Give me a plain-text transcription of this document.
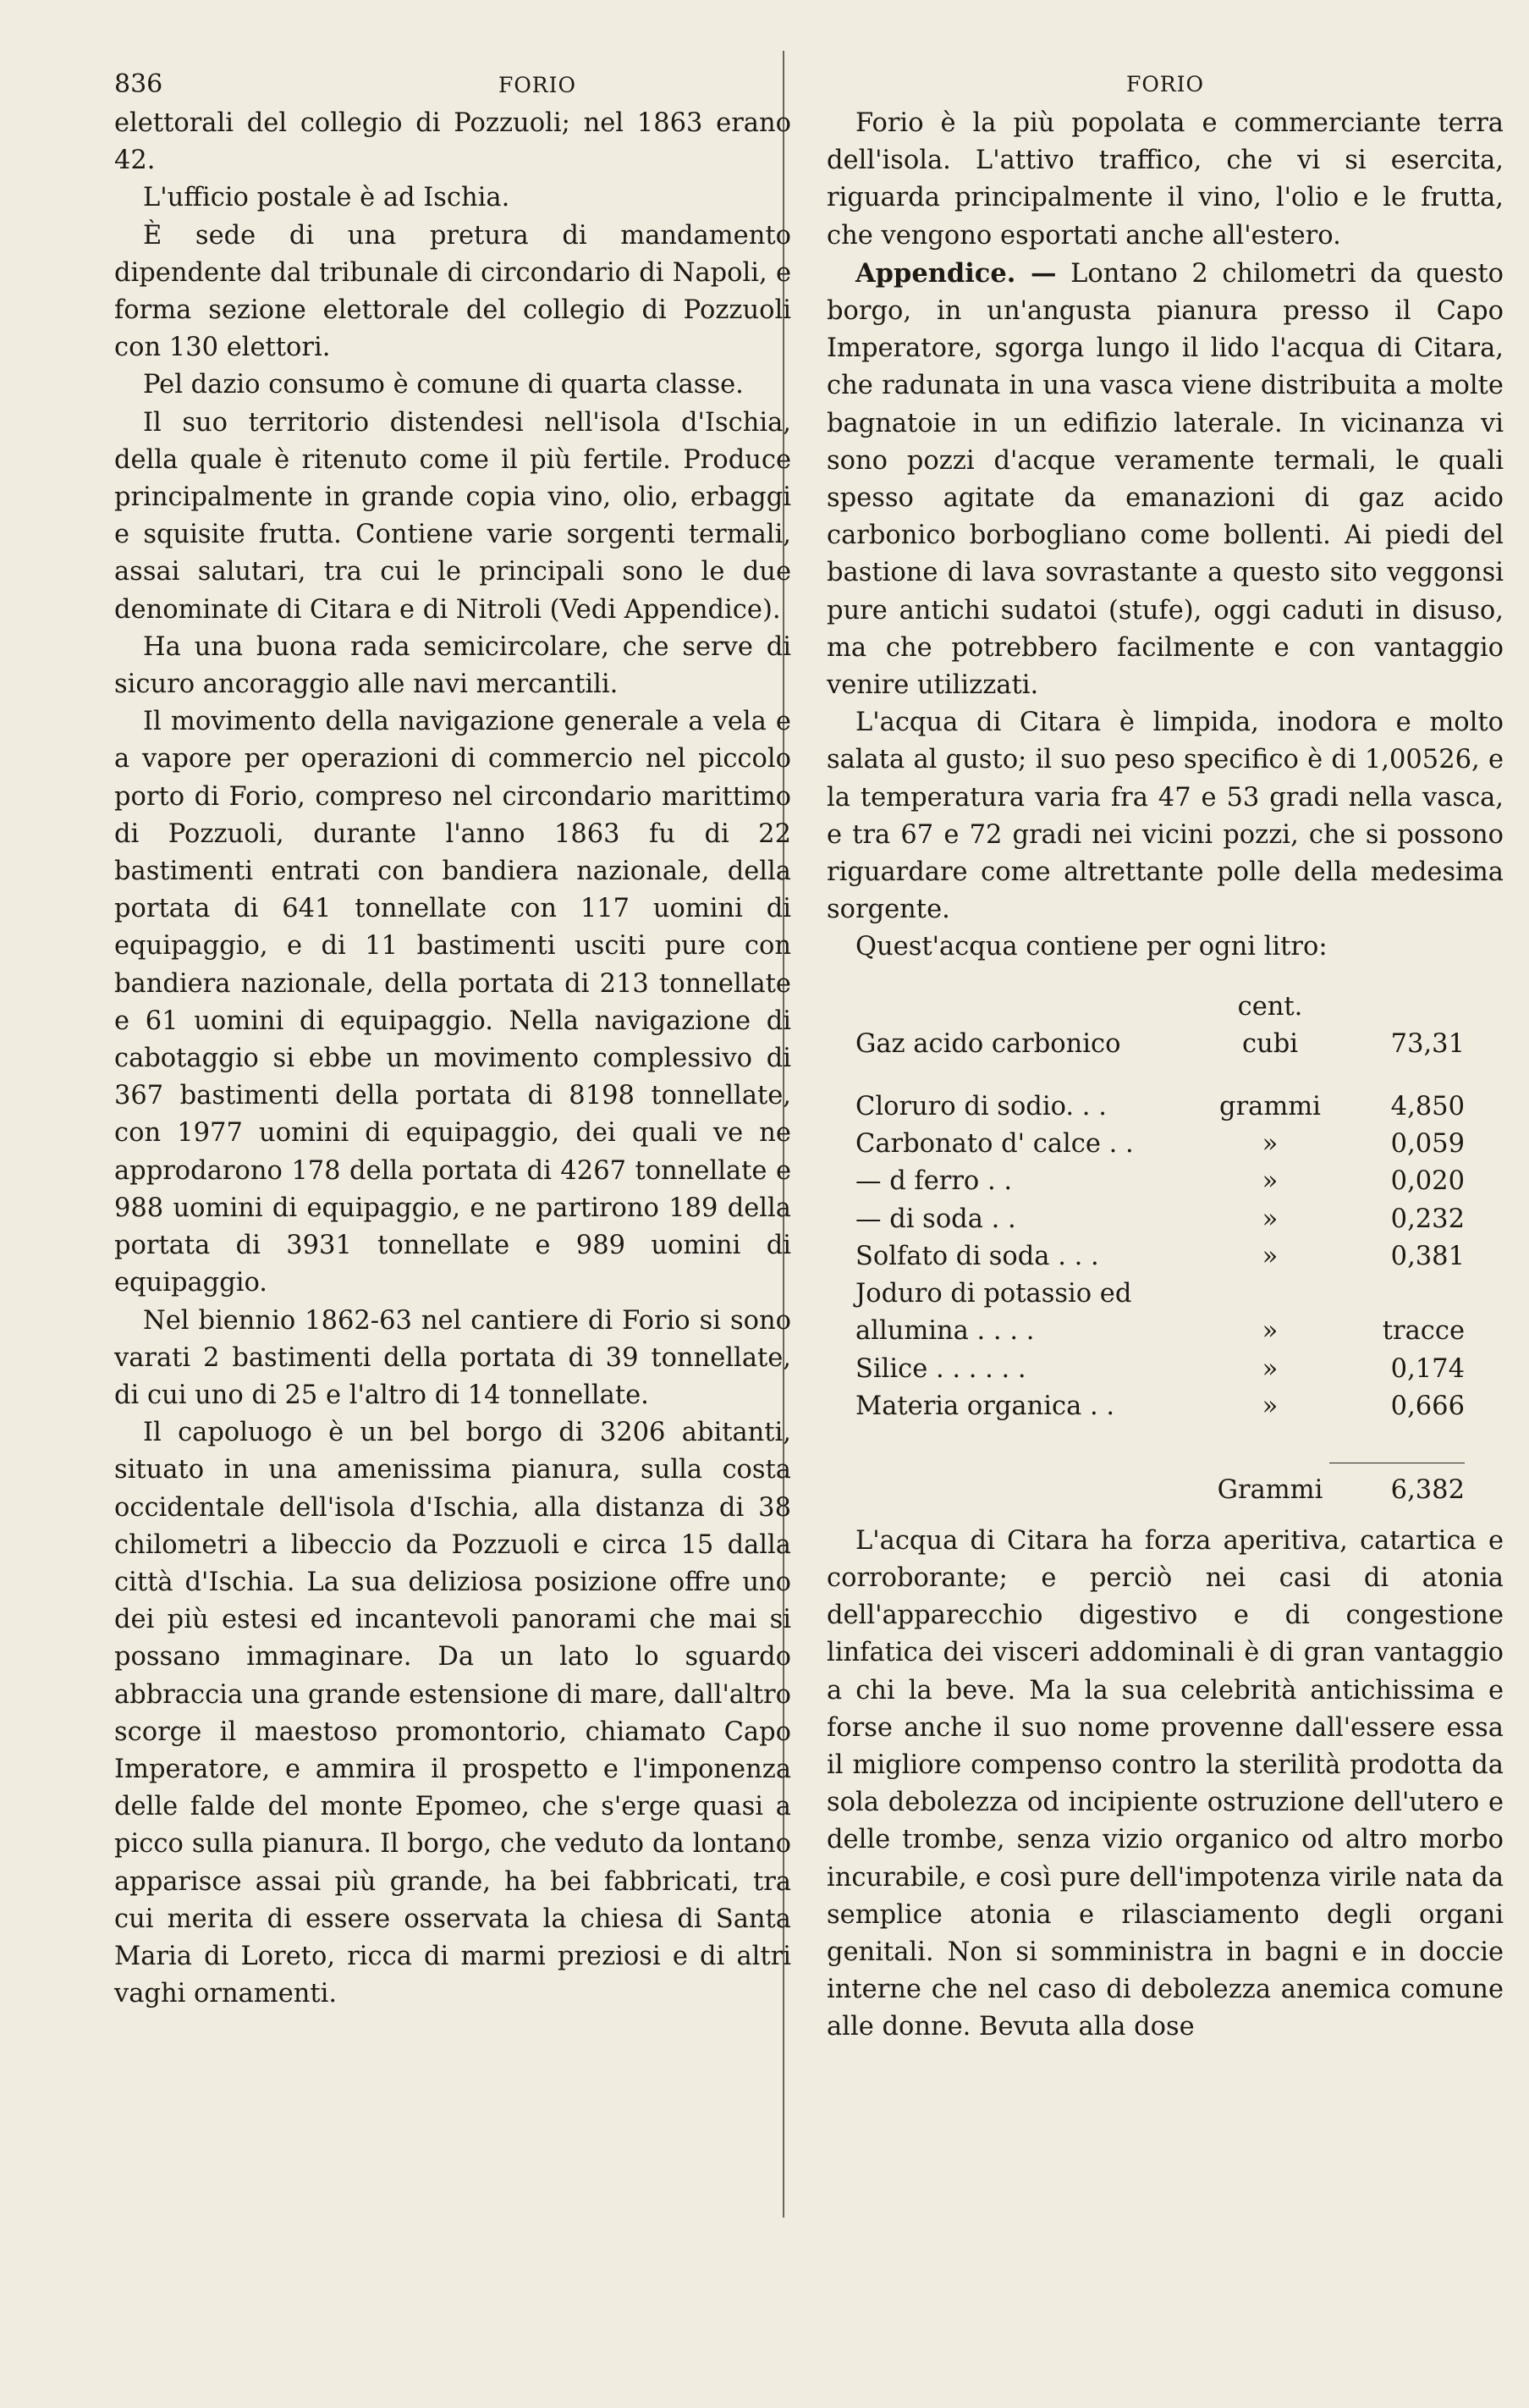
836	FORIO

elettorali del collegio di Pozzuoli; nel 1863 erano 42.

L'ufficio postale è ad Ischia.

È sede di una pretura di mandamento dipendente dal tribunale di circondario di Napoli, e forma sezione elettorale del collegio di Pozzuoli con 130 elettori.

Pel dazio consumo è comune di quarta classe.

Il suo territorio distendesi nell'isola d'Ischia, della quale è ritenuto come il più fertile. Produce principalmente in grande copia vino, olio, erbaggi e squisite frutta. Contiene varie sorgenti termali, assai salutari, tra cui le principali sono le due denominate di Citara e di Nitroli (Vedi Appendice).

Ha una buona rada semicircolare, che serve di sicuro ancoraggio alle navi mercantili.

Il movimento della navigazione generale a vela e a vapore per operazioni di commercio nel piccolo porto di Forio, compreso nel circondario marittimo di Pozzuoli, durante l'anno 1863 fu di 22 bastimenti entrati con bandiera nazionale, della portata di 641 tonnellate con 117 uomini di equipaggio, e di 11 bastimenti usciti pure con bandiera nazionale, della portata di 213 tonnellate e 61 uomini di equipaggio. Nella navigazione di cabotaggio si ebbe un movimento complessivo di 367 bastimenti della portata di 8198 tonnellate, con 1977 uomini di equipaggio, dei quali ve ne approdarono 178 della portata di 4267 tonnellate e 988 uomini di equipaggio, e ne partirono 189 della portata di 3931 tonnellate e 989 uomini di equipaggio.

Nel biennio 1862-63 nel cantiere di Forio si sono varati 2 bastimenti della portata di 39 tonnellate, di cui uno di 25 e l'altro di 14 tonnellate.

Il capoluogo è un bel borgo di 3206 abitanti, situato in una amenissima pianura, sulla costa occidentale dell'isola d'Ischia, alla distanza di 38 chilometri a libeccio da Pozzuoli e circa 15 dalla città d'Ischia. La sua deliziosa posizione offre uno dei più estesi ed incantevoli panorami che mai si possano immaginare. Da un lato lo sguardo abbraccia una grande estensione di mare, dall'altro scorge il maestoso promontorio, chiamato Capo Imperatore, e ammira il prospetto e l'imponenza delle falde del monte Epomeo, che s'erge quasi a picco sulla pianura. Il borgo, che veduto da lontano apparisce assai più grande, ha bei fabbricati, tra cui merita di essere osservata la chiesa di Santa Maria di Loreto, ricca di marmi preziosi e di altri vaghi ornamenti.

FORIO

Forio è la più popolata e commerciante terra dell'isola. L'attivo traffico, che vi si esercita, riguarda principalmente il vino, l'olio e le frutta, che vengono esportati anche all'estero.

Appendice. — Lontano 2 chilometri da questo borgo, in un'angusta pianura presso il Capo Imperatore, sgorga lungo il lido l'acqua di Citara, che radunata in una vasca viene distribuita a molte bagnatoie in un edifizio laterale. In vicinanza vi sono pozzi d'acque veramente termali, le quali spesso agitate da emanazioni di gaz acido carbonico borbogliano come bollenti. Ai piedi del bastione di lava sovrastante a questo sito veggonsi pure antichi sudatoi (stufe), oggi caduti in disuso, ma che potrebbero facilmente e con vantaggio venire utilizzati.

L'acqua di Citara è limpida, inodora e molto salata al gusto; il suo peso specifico è di 1,00526, e la temperatura varia fra 47 e 53 gradi nella vasca, e tra 67 e 72 gradi nei vicini pozzi, che si possono riguardare come altrettante polle della medesima sorgente.

Quest'acqua contiene per ogni litro:

Gaz acido carbonico	cent. cubi	73,31

Cloruro di sodio. . .	grammi	4,850
Carbonato d' calce . .	»	0,059
— d ferro . .	»	0,020
— di soda . .	»	0,232
Solfato di soda . . .	»	0,381
Joduro di potassio ed		
allumina . . . .	»	tracce
Silice . . . . . .	»	0,174
Materia organica . .	»	0,666

	Grammi	6,382

L'acqua di Citara ha forza aperitiva, catartica e corroborante; e perciò nei casi di atonia dell'apparecchio digestivo e di congestione linfatica dei visceri addominali è di gran vantaggio a chi la beve. Ma la sua celebrità antichissima e forse anche il suo nome provenne dall'essere essa il migliore compenso contro la sterilità prodotta da sola debolezza od incipiente ostruzione dell'utero e delle trombe, senza vizio organico od altro morbo incurabile, e così pure dell'impotenza virile nata da semplice atonia e rilasciamento degli organi genitali. Non si somministra in bagni e in doccie interne che nel caso di debolezza anemica comune alle donne. Bevuta alla dose
